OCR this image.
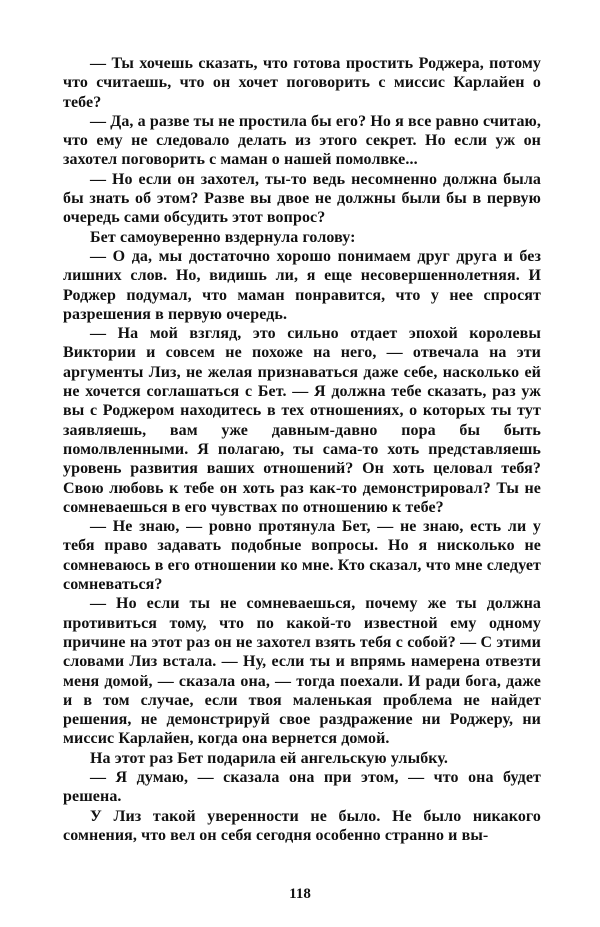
— Ты хочешь сказать, что готова простить Роджера, потому что считаешь, что он хочет поговорить с миссис Карлайен о тебе?

— Да, а разве ты не простила бы его? Но я все равно считаю, что ему не следовало делать из этого секрет. Но если уж он захотел поговорить с маман о нашей помолвке...

— Но если он захотел, ты-то ведь несомненно должна была бы знать об этом? Разве вы двое не должны были бы в первую очередь сами обсудить этот вопрос?

Бет самоуверенно вздернула голову:

— О да, мы достаточно хорошо понимаем друг друга и без лишних слов. Но, видишь ли, я еще несовершеннолетняя. И Роджер подумал, что маман понравится, что у нее спросят разрешения в первую очередь.

— На мой взгляд, это сильно отдает эпохой королевы Виктории и совсем не похоже на него, — отвечала на эти аргументы Лиз, не желая признаваться даже себе, насколько ей не хочется соглашаться с Бет. — Я должна тебе сказать, раз уж вы с Роджером находитесь в тех отношениях, о которых ты тут заявляешь, вам уже давным-давно пора бы быть помолвленными. Я полагаю, ты сама-то хоть представляешь уровень развития ваших отношений? Он хоть целовал тебя? Свою любовь к тебе он хоть раз как-то демонстрировал? Ты не сомневаешься в его чувствах по отношению к тебе?

— Не знаю, — ровно протянула Бет, — не знаю, есть ли у тебя право задавать подобные вопросы. Но я нисколько не сомневаюсь в его отношении ко мне. Кто сказал, что мне следует сомневаться?

— Но если ты не сомневаешься, почему же ты должна противиться тому, что по какой-то известной ему одному причине на этот раз он не захотел взять тебя с собой? — С этими словами Лиз встала. — Ну, если ты и впрямь намерена отвезти меня домой, — сказала она, — тогда поехали. И ради бога, даже и в том случае, если твоя маленькая проблема не найдет решения, не демонстрируй свое раздражение ни Роджеру, ни миссис Карлайен, когда она вернется домой.

На этот раз Бет подарила ей ангельскую улыбку.

— Я думаю, — сказала она при этом, — что она будет решена.

У Лиз такой уверенности не было. Не было никакого сомнения, что вел он себя сегодня особенно странно и вы-

118
